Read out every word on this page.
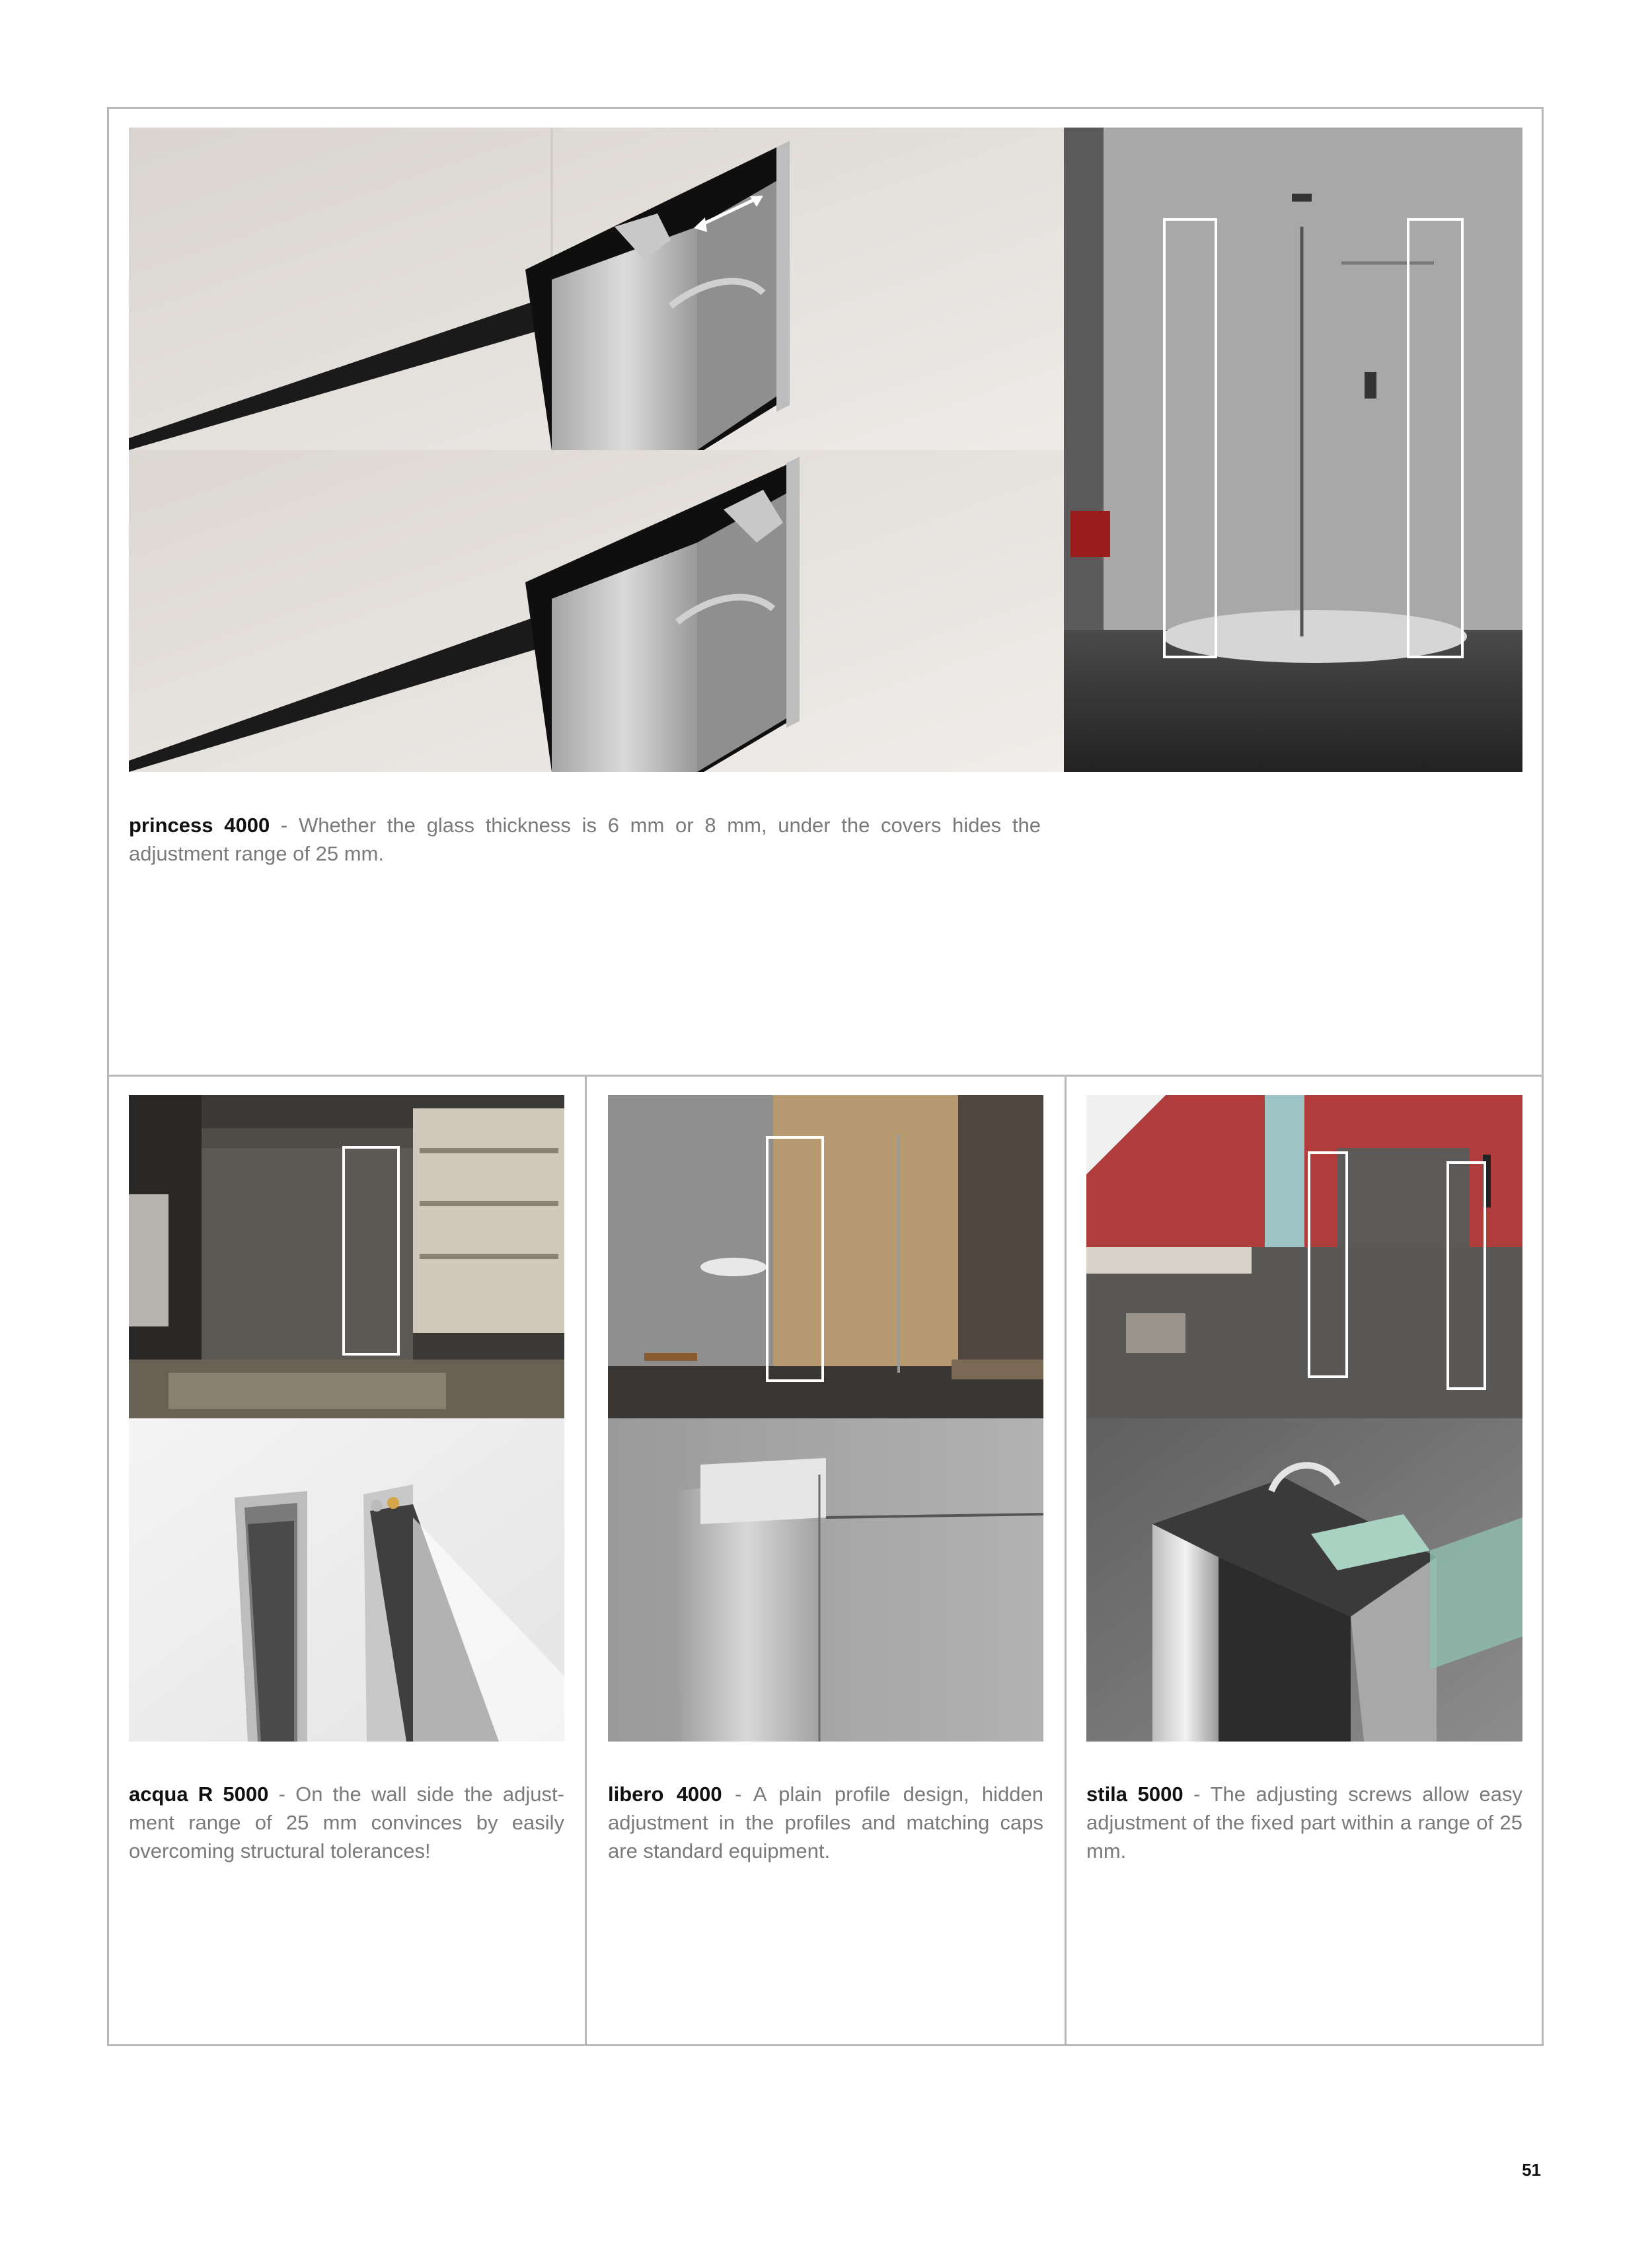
princess 4000 - Whether the glass thickness is 6 mm or 8 mm, under the covers hides the adjustment range of 25 mm.

acqua R 5000 - On the wall side the adjust-ment range of 25 mm convinces by easily overcoming structural tolerances!

libero 4000 - A plain profile design, hidden adjustment in the profiles and matching caps are standard equipment.

stila 5000 - The adjusting screws allow easy adjustment of the fixed part within a range of 25 mm.

51
